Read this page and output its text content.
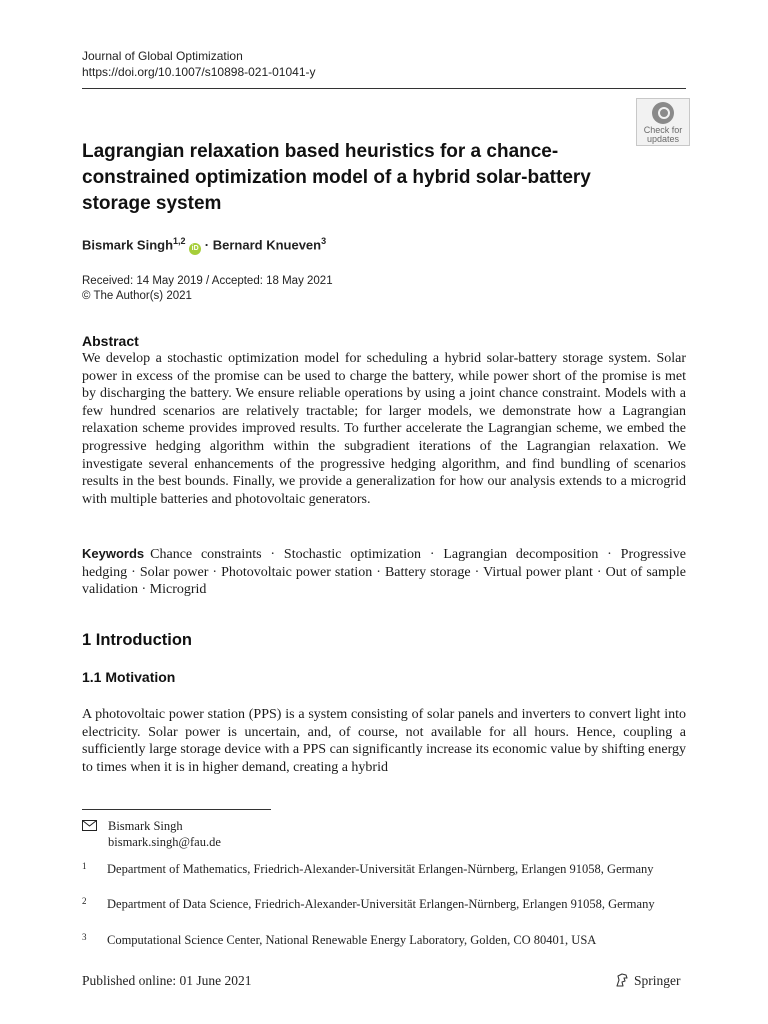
Journal of Global Optimization
https://doi.org/10.1007/s10898-021-01041-y
Check for
updates
Lagrangian relaxation based heuristics for a chance-constrained optimization model of a hybrid solar-battery storage system
Bismark Singh$^{1,2}$ iD · Bernard Knueven$^3$
Received: 14 May 2019 / Accepted: 18 May 2021
© The Author(s) 2021
Abstract
We develop a stochastic optimization model for scheduling a hybrid solar-battery storage system. Solar power in excess of the promise can be used to charge the battery, while power short of the promise is met by discharging the battery. We ensure reliable operations by using a joint chance constraint. Models with a few hundred scenarios are relatively tractable; for larger models, we demonstrate how a Lagrangian relaxation scheme provides improved results. To further accelerate the Lagrangian scheme, we embed the progressive hedging algorithm within the subgradient iterations of the Lagrangian relaxation. We investigate several enhancements of the progressive hedging algorithm, and find bundling of scenarios results in the best bounds. Finally, we provide a generalization for how our analysis extends to a microgrid with multiple batteries and photovoltaic generators.
Keywords Chance constraints · Stochastic optimization · Lagrangian decomposition · Progressive hedging · Solar power · Photovoltaic power station · Battery storage · Virtual power plant · Out of sample validation · Microgrid
1 Introduction
1.1 Motivation
A photovoltaic power station (PPS) is a system consisting of solar panels and inverters to convert light into electricity. Solar power is uncertain, and, of course, not available for all hours. Hence, coupling a sufficiently large storage device with a PPS can significantly increase its economic value by shifting energy to times when it is in higher demand, creating a hybrid
Bismark Singh
bismark.singh@fau.de
1 Department of Mathematics, Friedrich-Alexander-Universität Erlangen-Nürnberg, Erlangen 91058, Germany
2 Department of Data Science, Friedrich-Alexander-Universität Erlangen-Nürnberg, Erlangen 91058, Germany
3 Computational Science Center, National Renewable Energy Laboratory, Golden, CO 80401, USA
Published online: 01 June 2021	Springer
